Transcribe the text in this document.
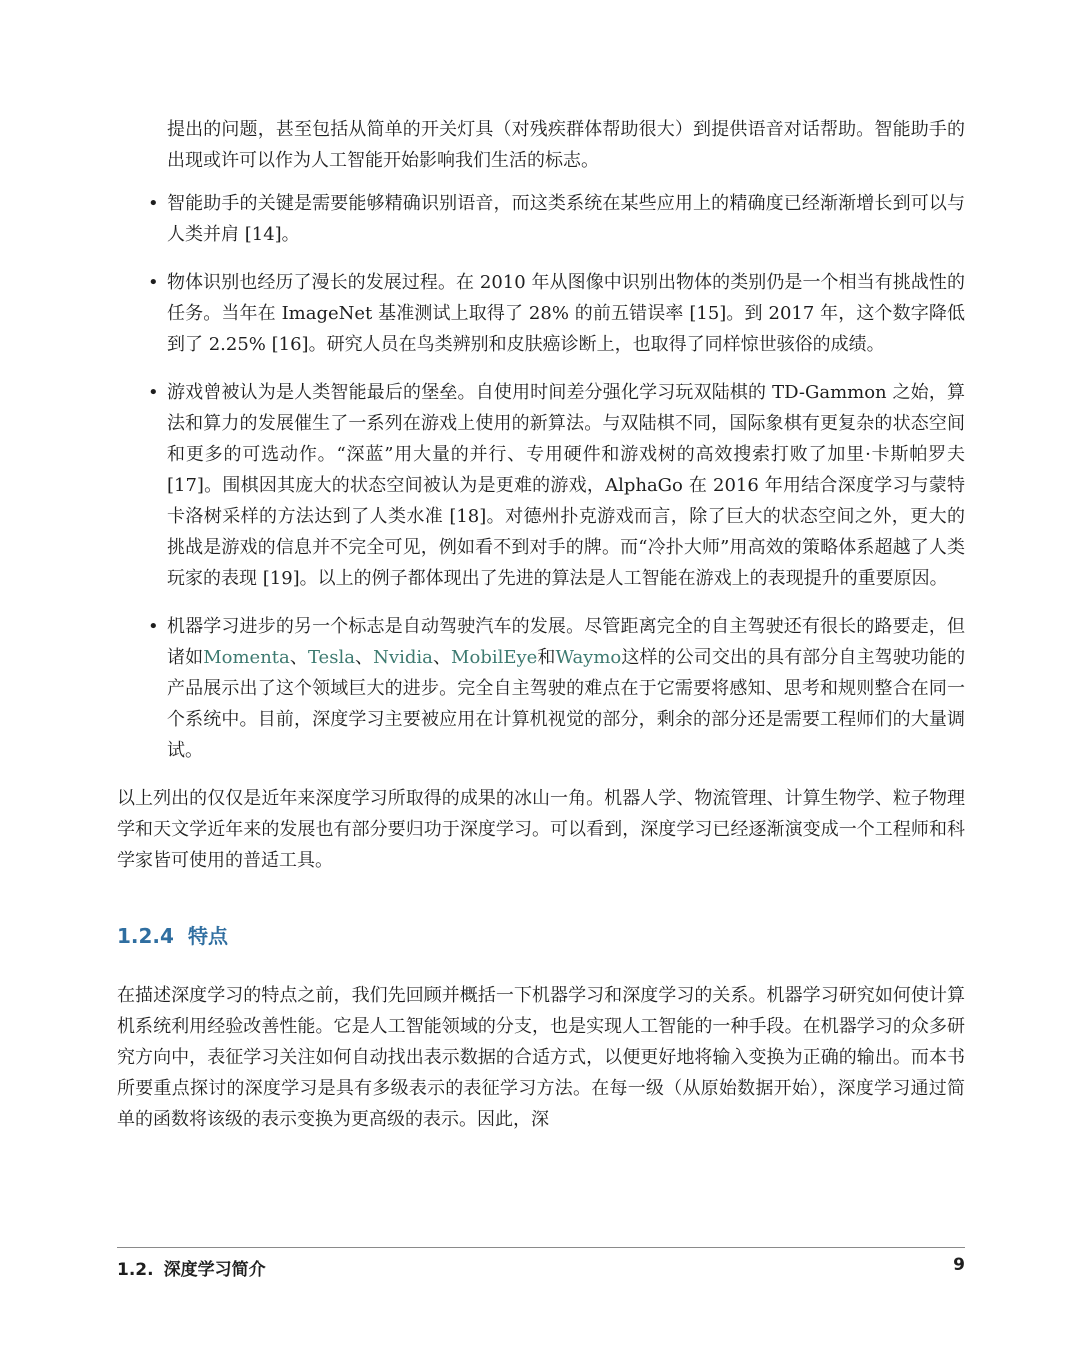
提出的问题，甚至包括从简单的开关灯具（对残疾群体帮助很大）到提供语音对话帮助。智能助手的出现或许可以作为人工智能开始影响我们生活的标志。

• 智能助手的关键是需要能够精确识别语音，而这类系统在某些应用上的精确度已经渐渐增长到可以与人类并肩 [14]。
• 物体识别也经历了漫长的发展过程。在 2010 年从图像中识别出物体的类别仍是一个相当有挑战性的任务。当年在 ImageNet 基准测试上取得了 28% 的前五错误率 [15]。到 2017 年，这个数字降低到了 2.25% [16]。研究人员在鸟类辨别和皮肤癌诊断上，也取得了同样惊世骇俗的成绩。
• 游戏曾被认为是人类智能最后的堡垒。自使用时间差分强化学习玩双陆棋的 TD-Gammon 之始，算法和算力的发展催生了一系列在游戏上使用的新算法。与双陆棋不同，国际象棋有更复杂的状态空间和更多的可选动作。“深蓝”用大量的并行、专用硬件和游戏树的高效搜索打败了加里·卡斯帕罗夫 [17]。围棋因其庞大的状态空间被认为是更难的游戏，AlphaGo 在 2016 年用结合深度学习与蒙特卡洛树采样的方法达到了人类水准 [18]。对德州扑克游戏而言，除了巨大的状态空间之外，更大的挑战是游戏的信息并不完全可见，例如看不到对手的牌。而“冷扑大师”用高效的策略体系超越了人类玩家的表现 [19]。以上的例子都体现出了先进的算法是人工智能在游戏上的表现提升的重要原因。
• 机器学习进步的另一个标志是自动驾驶汽车的发展。尽管距离完全的自主驾驶还有很长的路要走，但诸如Momenta、Tesla、Nvidia、MobilEye和Waymo这样的公司交出的具有部分自主驾驶功能的产品展示出了这个领域巨大的进步。完全自主驾驶的难点在于它需要将感知、思考和规则整合在同一个系统中。目前，深度学习主要被应用在计算机视觉的部分，剩余的部分还是需要工程师们的大量调试。

以上列出的仅仅是近年来深度学习所取得的成果的冰山一角。机器人学、物流管理、计算生物学、粒子物理学和天文学近年来的发展也有部分要归功于深度学习。可以看到，深度学习已经逐渐演变成一个工程师和科学家皆可使用的普适工具。

1.2.4 特点

在描述深度学习的特点之前，我们先回顾并概括一下机器学习和深度学习的关系。机器学习研究如何使计算机系统利用经验改善性能。它是人工智能领域的分支，也是实现人工智能的一种手段。在机器学习的众多研究方向中，表征学习关注如何自动找出表示数据的合适方式，以便更好地将输入变换为正确的输出。而本书所要重点探讨的深度学习是具有多级表示的表征学习方法。在每一级（从原始数据开始），深度学习通过简单的函数将该级的表示变换为更高级的表示。因此，深

1.2. 深度学习简介	9
